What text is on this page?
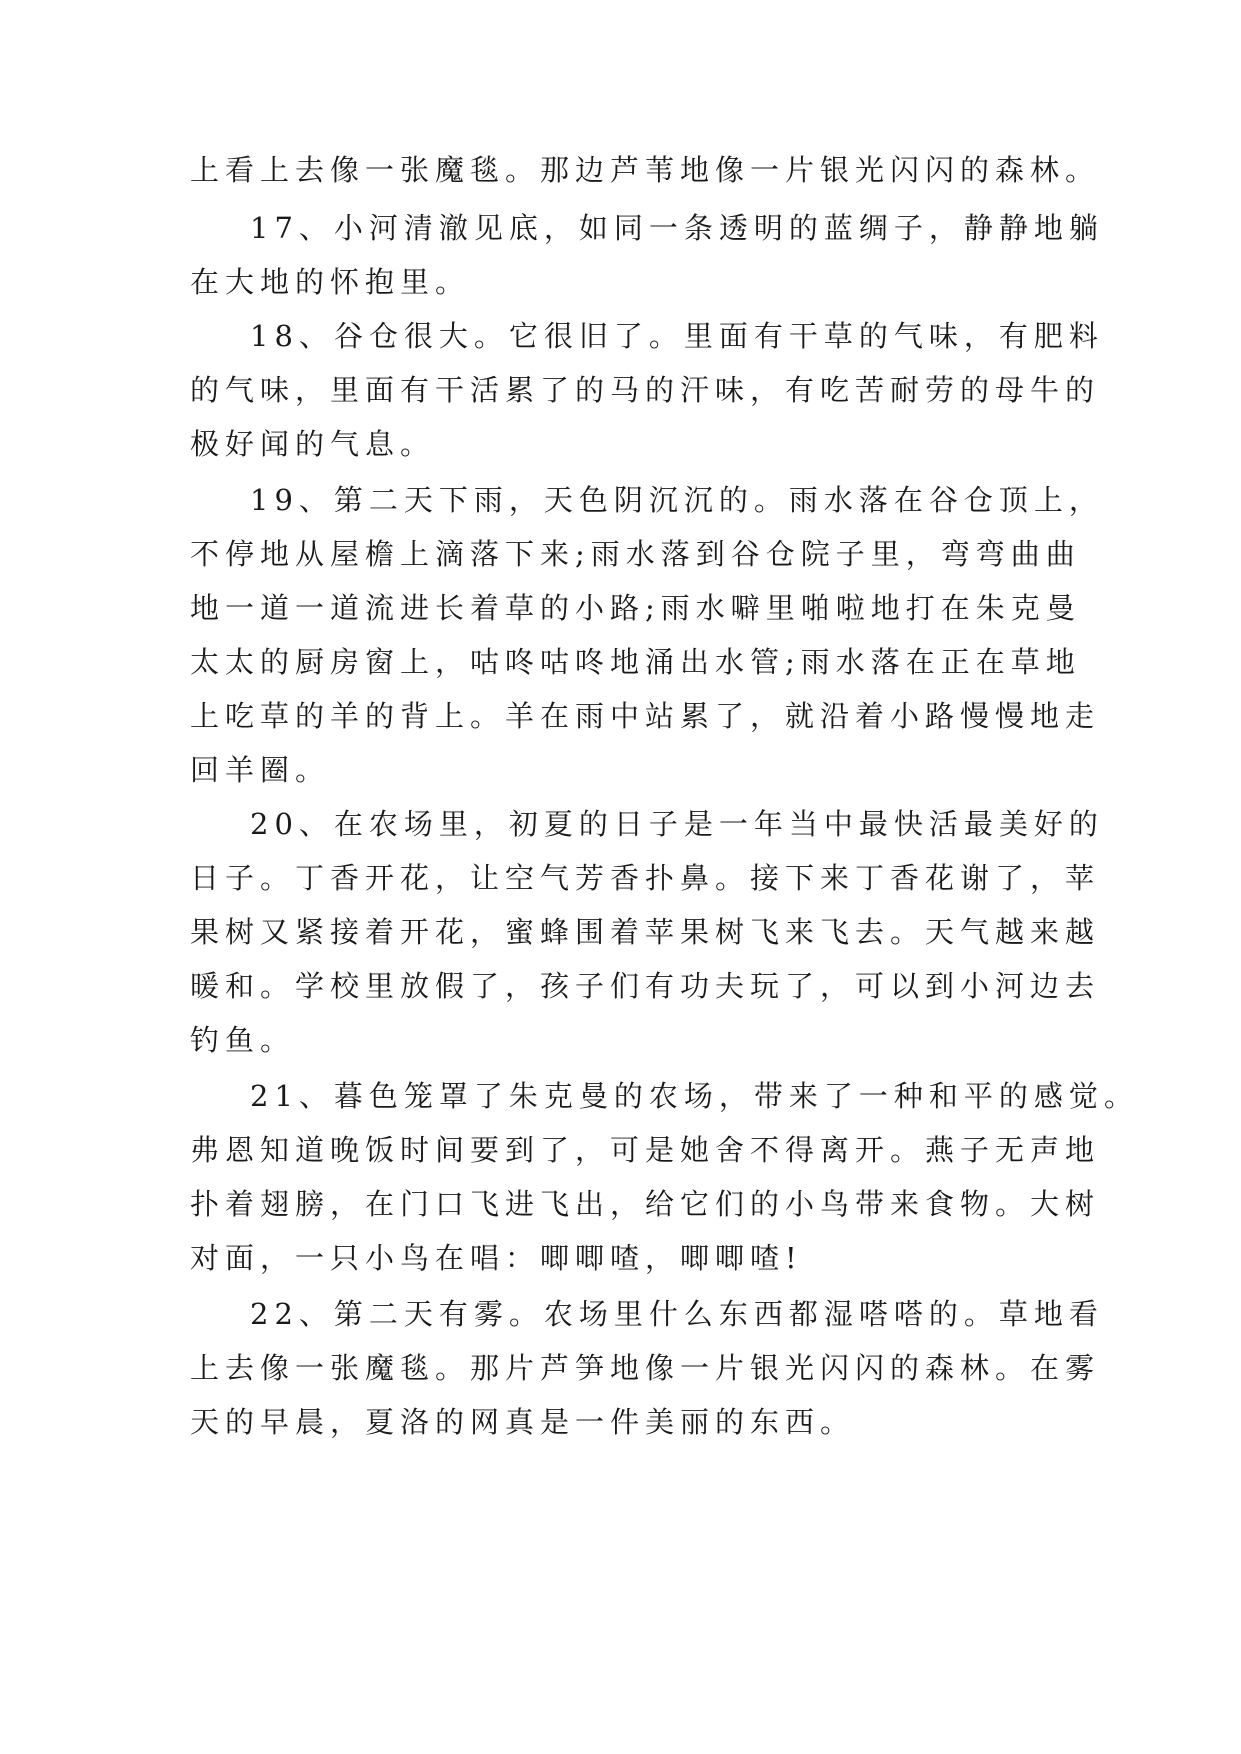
上看上去像一张魔毯。那边芦苇地像一片银光闪闪的森林。
17、小河清澈见底，如同一条透明的蓝绸子，静静地躺
在大地的怀抱里。
18、谷仓很大。它很旧了。里面有干草的气味，有肥料
的气味，里面有干活累了的马的汗味，有吃苦耐劳的母牛的
极好闻的气息。
19、第二天下雨，天色阴沉沉的。雨水落在谷仓顶上，
不停地从屋檐上滴落下来;雨水落到谷仓院子里，弯弯曲曲
地一道一道流进长着草的小路;雨水噼里啪啦地打在朱克曼
太太的厨房窗上，咕咚咕咚地涌出水管;雨水落在正在草地
上吃草的羊的背上。羊在雨中站累了，就沿着小路慢慢地走
回羊圈。
20、在农场里，初夏的日子是一年当中最快活最美好的
日子。丁香开花，让空气芳香扑鼻。接下来丁香花谢了，苹
果树又紧接着开花，蜜蜂围着苹果树飞来飞去。天气越来越
暖和。学校里放假了，孩子们有功夫玩了，可以到小河边去
钓鱼。
21、暮色笼罩了朱克曼的农场，带来了一种和平的感觉。
弗恩知道晚饭时间要到了，可是她舍不得离开。燕子无声地
扑着翅膀，在门口飞进飞出，给它们的小鸟带来食物。大树
对面，一只小鸟在唱：唧唧喳，唧唧喳!
22、第二天有雾。农场里什么东西都湿嗒嗒的。草地看
上去像一张魔毯。那片芦笋地像一片银光闪闪的森林。在雾
天的早晨，夏洛的网真是一件美丽的东西。
